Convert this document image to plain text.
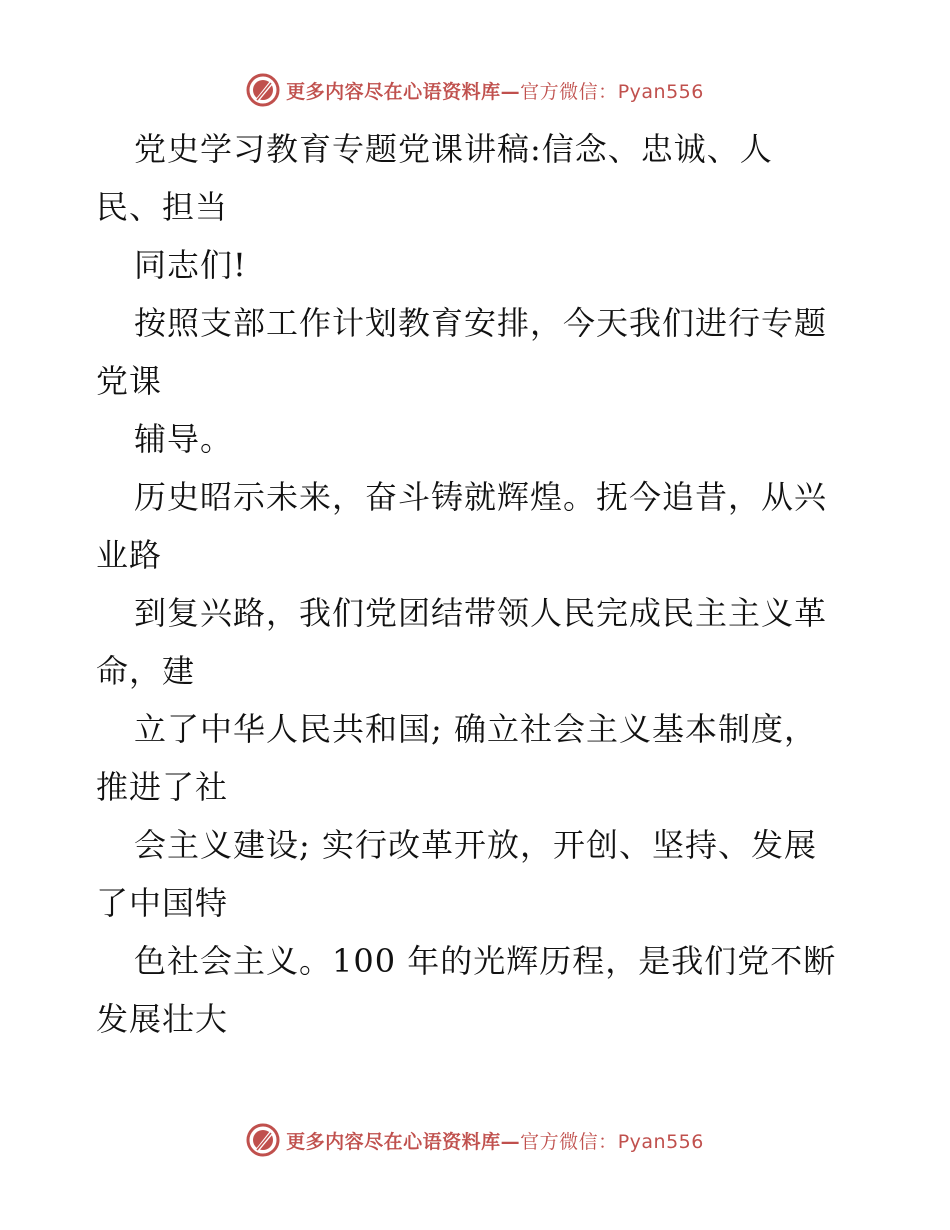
更多内容尽在心语资料库—官方微信：Pyan556
党史学习教育专题党课讲稿:信念、忠诚、人
民、担当
同志们!
按照支部工作计划教育安排，今天我们进行专题
党课
辅导。
历史昭示未来，奋斗铸就辉煌。抚今追昔，从兴
业路
到复兴路，我们党团结带领人民完成民主主义革
命，建
立了中华人民共和国; 确立社会主义基本制度，
推进了社
会主义建设; 实行改革开放，开创、坚持、发展
了中国特
色社会主义。100 年的光辉历程，是我们党不断
发展壮大
更多内容尽在心语资料库—官方微信：Pyan556
